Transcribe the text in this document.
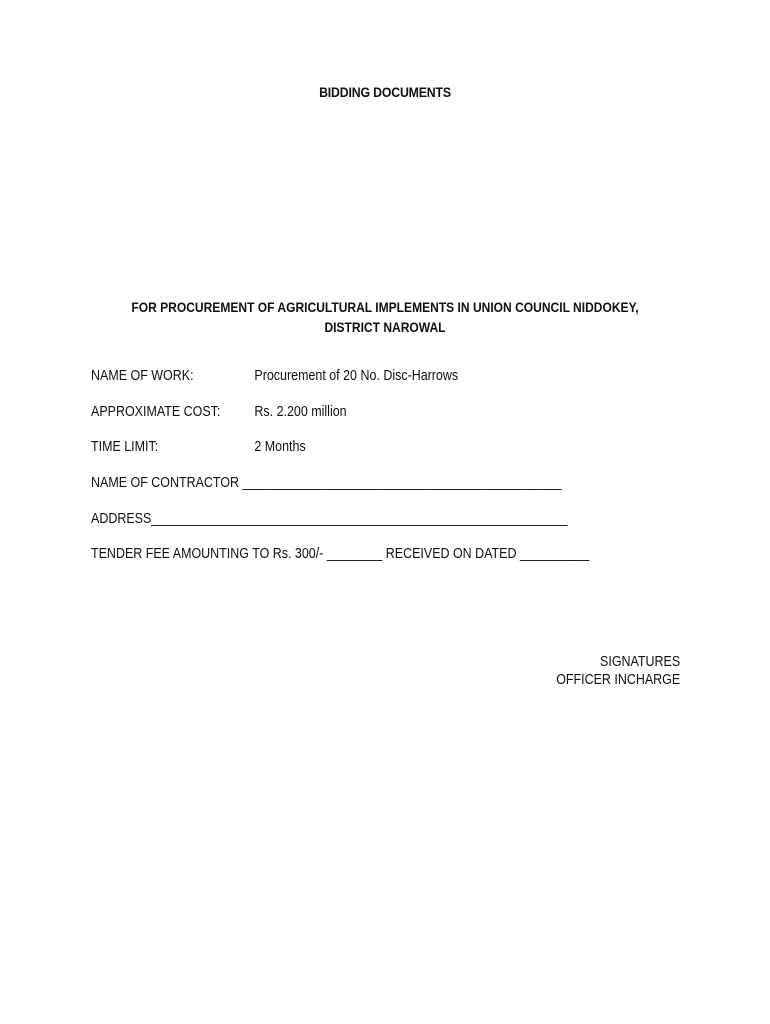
BIDDING DOCUMENTS
FOR PROCUREMENT OF AGRICULTURAL IMPLEMENTS IN UNION COUNCIL NIDDOKEY,
DISTRICT NAROWAL
NAME OF WORK:	Procurement of 20 No. Disc-Harrows
APPROXIMATE COST: Rs. 2.200 million
TIME LIMIT:	2 Months
NAME OF CONTRACTOR ______________________________________________
ADDRESS____________________________________________________________
TENDER FEE AMOUNTING TO Rs. 300/- ________ RECEIVED ON DATED __________
SIGNATURES
OFFICER INCHARGE
